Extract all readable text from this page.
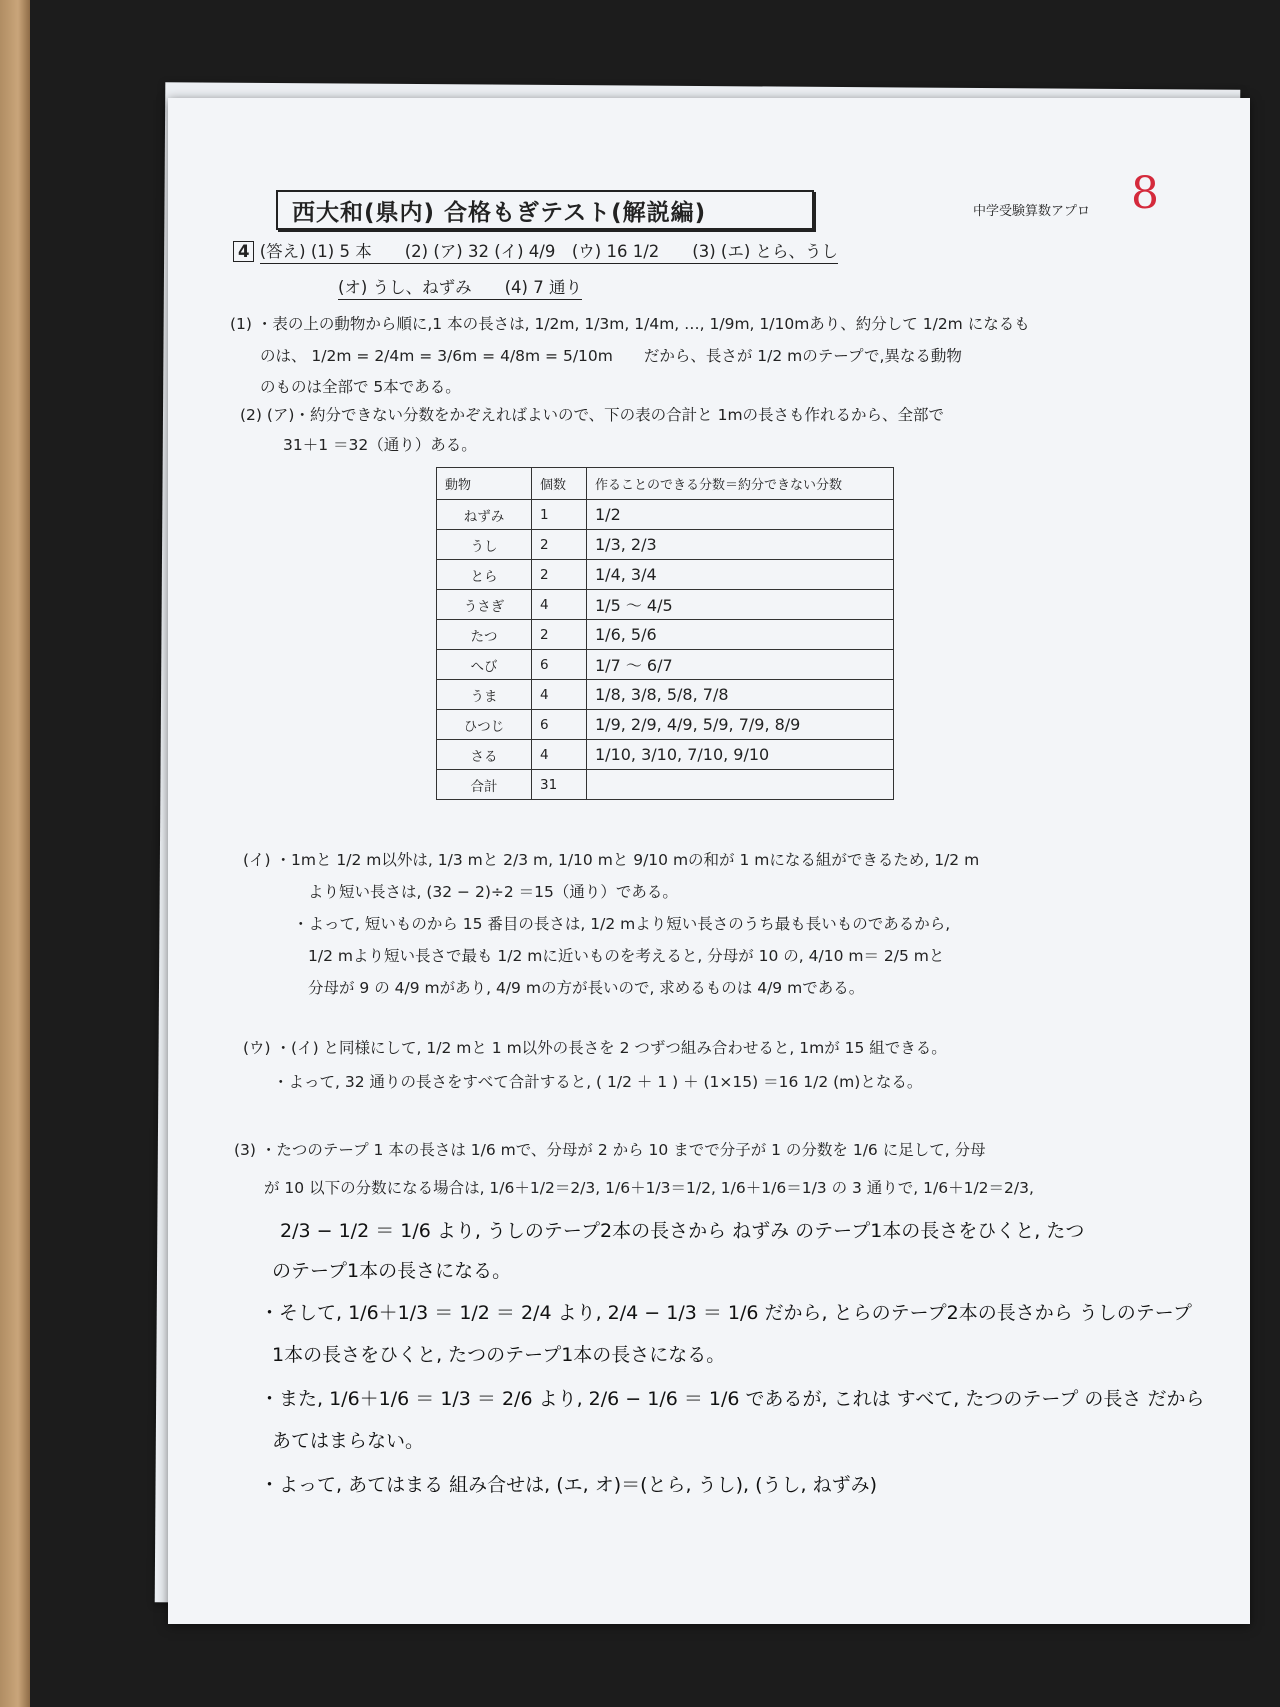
西大和(県内) 合格もぎテスト(解説編)	中学受験算数アプロ 8
4 (答え) (1) 5 本　　(2) (ア) 32 (イ) 4/9　(ウ) 16 1/2　　(3) (エ) とら、うし
(オ) うし、ねずみ　　(4) 7 通り
(1) ・表の上の動物から順に,1 本の長さは, 1/2m, 1/3m, 1/4m, …, 1/9m, 1/10mあり、約分して 1/2m になるも
のは、 1/2m = 2/4m = 3/6m = 4/8m = 5/10m　　だから、長さが 1/2 mのテープで,異なる動物
のものは全部で 5本である。
(2) (ア)・約分できない分数をかぞえればよいので、下の表の合計と 1mの長さも作れるから、全部で
31＋1 ＝32（通り）ある。
動物	個数	作ることのできる分数＝約分できない分数
ねずみ	1	1/2
うし	2	1/3, 2/3
とら	2	1/4, 3/4
うさぎ	4	1/5 〜 4/5
たつ	2	1/6, 5/6
へび	6	1/7 〜 6/7
うま	4	1/8, 3/8, 5/8, 7/8
ひつじ	6	1/9, 2/9, 4/9, 5/9, 7/9, 8/9
さる	4	1/10, 3/10, 7/10, 9/10
合計	31	
(イ) ・1mと 1/2 m以外は, 1/3 mと 2/3 m, 1/10 mと 9/10 mの和が 1 mになる組ができるため, 1/2 m
より短い長さは, (32 − 2)÷2 ＝15（通り）である。
・よって, 短いものから 15 番目の長さは, 1/2 mより短い長さのうち最も長いものであるから,
1/2 mより短い長さで最も 1/2 mに近いものを考えると, 分母が 10 の, 4/10 m＝ 2/5 mと
分母が 9 の 4/9 mがあり, 4/9 mの方が長いので, 求めるものは 4/9 mである。
(ウ) ・(イ) と同様にして, 1/2 mと 1 m以外の長さを 2 つずつ組み合わせると, 1mが 15 組できる。
・よって, 32 通りの長さをすべて合計すると, ( 1/2 ＋ 1 ) ＋ (1×15) ＝16 1/2 (m)となる。
(3) ・たつのテープ 1 本の長さは 1/6 mで、分母が 2 から 10 までで分子が 1 の分数を 1/6 に足して, 分母
が 10 以下の分数になる場合は, 1/6＋1/2＝2/3, 1/6＋1/3＝1/2, 1/6＋1/6＝1/3 の 3 通りで, 1/6＋1/2＝2/3,
2/3 − 1/2 ＝ 1/6 より, うしのテープ2本の長さから ねずみ のテープ1本の長さをひくと, たつ
のテープ1本の長さになる。
・そして, 1/6＋1/3 ＝ 1/2 ＝ 2/4 より, 2/4 − 1/3 ＝ 1/6 だから, とらのテープ2本の長さから うしのテープ
1本の長さをひくと, たつのテープ1本の長さになる。
・また, 1/6＋1/6 ＝ 1/3 ＝ 2/6 より, 2/6 − 1/6 ＝ 1/6 であるが, これは すべて, たつのテープ の長さ だから
あてはまらない。
・よって, あてはまる 組み合せは, (エ, オ)＝(とら, うし), (うし, ねずみ)
